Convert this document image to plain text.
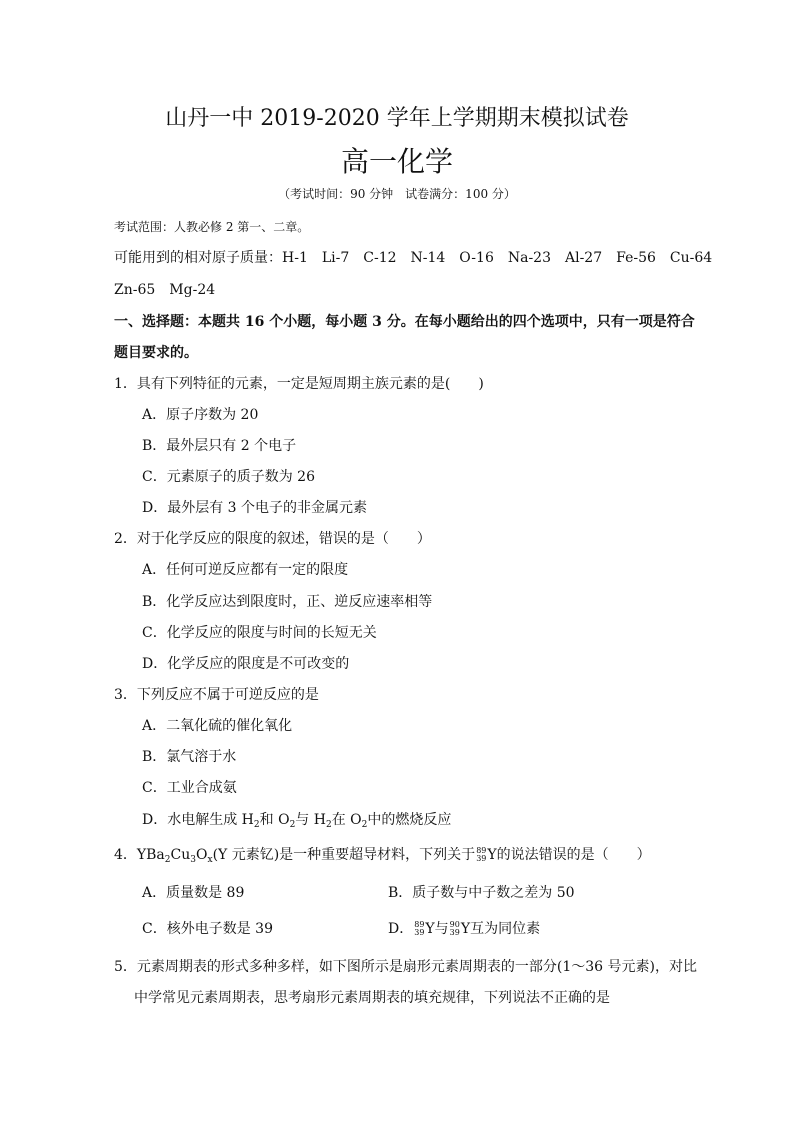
山丹一中 2019-2020 学年上学期期末模拟试卷
高一化学
（考试时间：90 分钟　试卷满分：100 分）
考试范围：人教必修 2 第一、二章。
可能用到的相对原子质量：H-1　Li-7　C-12　N-14　O-16　Na-23　Al-27　Fe-56　Cu-64
Zn-65　Mg-24
一、选择题：本题共 16 个小题，每小题 3 分。在每小题给出的四个选项中，只有一项是符合
题目要求的。
1．具有下列特征的元素，一定是短周期主族元素的是(　　)
A．原子序数为 20
B．最外层只有 2 个电子
C．元素原子的质子数为 26
D．最外层有 3 个电子的非金属元素
2．对于化学反应的限度的叙述，错误的是（　　）
A．任何可逆反应都有一定的限度
B．化学反应达到限度时，正、逆反应速率相等
C．化学反应的限度与时间的长短无关
D．化学反应的限度是不可改变的
3．下列反应不属于可逆反应的是
A．二氧化硫的催化氧化
B．氯气溶于水
C．工业合成氨
D．水电解生成 $H_2$和 $O_2$与 $H_2$在 $O_2$中的燃烧反应
4．$YBa_2Cu_3O_x(Y$ 元素钇)是一种重要超导材料，下列关于 89
39 Y的说法错误的是（　　）
A．质量数是 89	B．质子数与中子数之差为 50
C．核外电子数是 39	D． 89
39 Y与 90
39 Y互为同位素
5．元素周期表的形式多种多样，如下图所示是扇形元素周期表的一部分(1～36 号元素)，对比
中学常见元素周期表，思考扇形元素周期表的填充规律，下列说法不正确的是
